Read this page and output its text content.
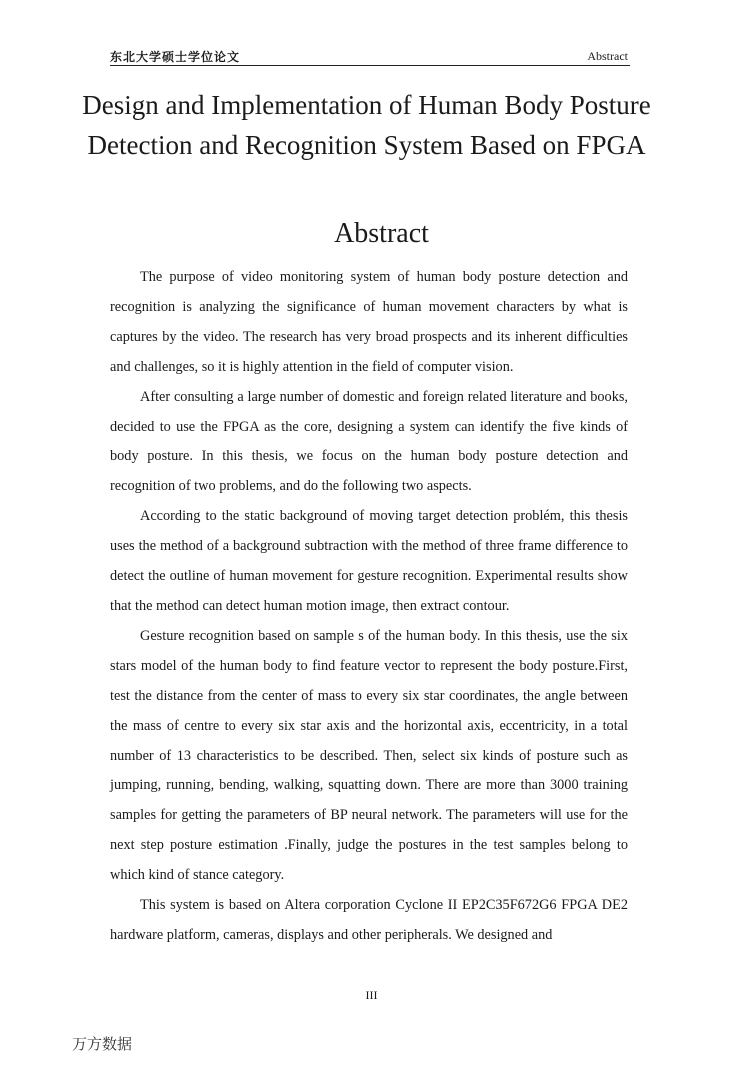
东北大学硕士学位论文	Abstract
Design and Implementation of Human Body Posture Detection and Recognition System Based on FPGA
Abstract

The purpose of video monitoring system of human body posture detection and recognition is analyzing the significance of human movement characters by what is captures by the video. The research has very broad prospects and its inherent difficulties and challenges, so it is highly attention in the field of computer vision.

After consulting a large number of domestic and foreign related literature and books, decided to use the FPGA as the core, designing a system can identify the five kinds of body posture. In this thesis, we focus on the human body posture detection and recognition of two problems, and do the following two aspects.

According to the static background of moving target detection problém, this thesis uses the method of a background subtraction with the method of three frame difference to detect the outline of human movement for gesture recognition. Experimental results show that the method can detect human motion image, then extract contour.

Gesture recognition based on sample s of the human body. In this thesis, use the six stars model of the human body to find feature vector to represent the body posture.First, test the distance from the center of mass to every six star coordinates, the angle between the mass of centre to every six star axis and the horizontal axis, eccentricity, in a total number of 13 characteristics to be described. Then, select six kinds of posture such as jumping, running, bending, walking, squatting down. There are more than 3000 training samples for getting the parameters of BP neural network. The parameters will use for the next step posture estimation .Finally, judge the postures in the test samples belong to which kind of stance category.

This system is based on Altera corporation Cyclone II EP2C35F672G6 FPGA DE2 hardware platform, cameras, displays and other peripherals. We designed and

III
万方数据
